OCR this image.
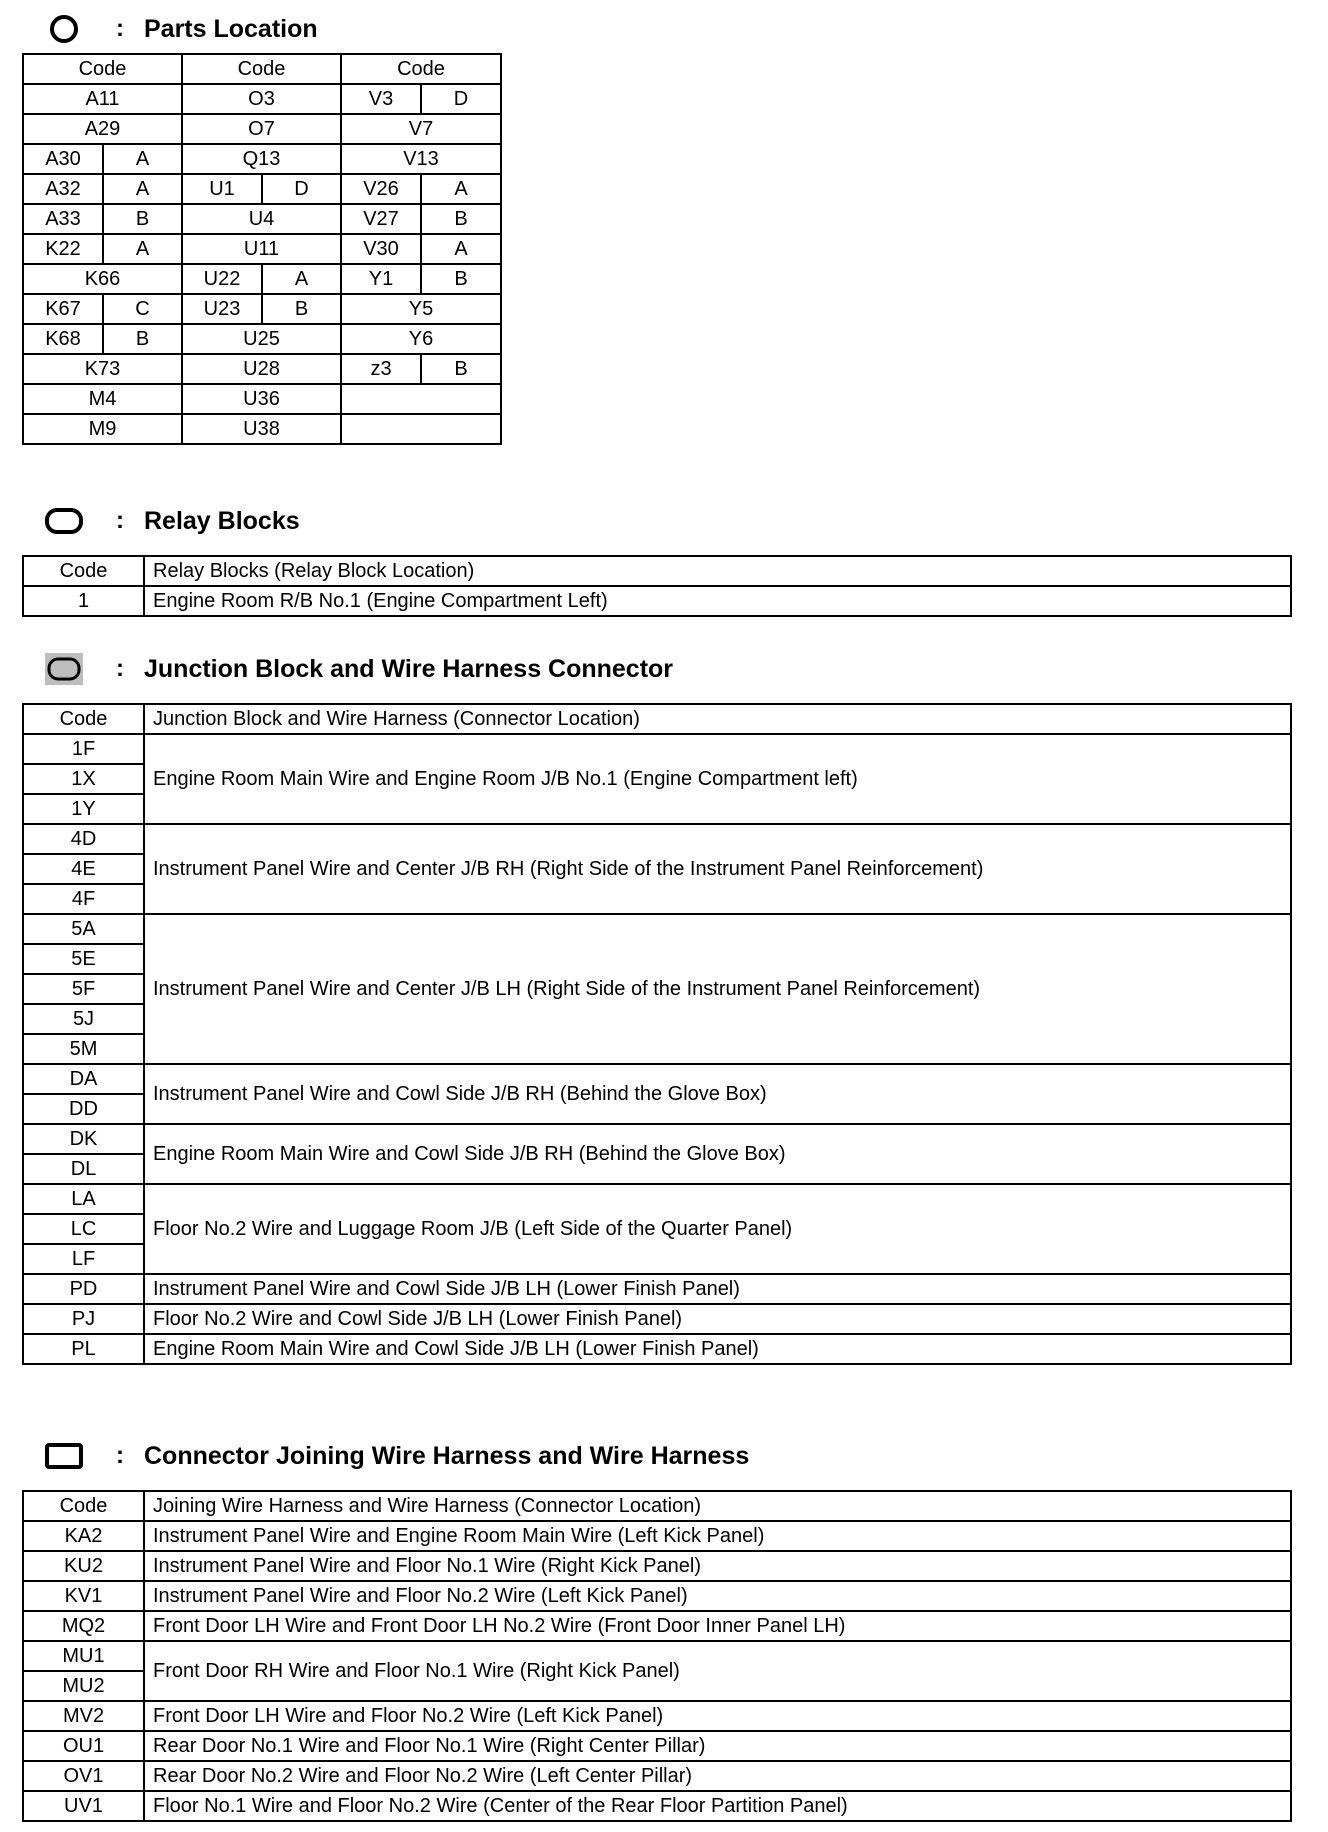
: Parts Location
Code		Code		Code	
A11		O3		V3	D
A29		O7		V7	
A30	A	Q13		V13	
A32	A	U1	D	V26	A
A33	B	U4		V27	B
K22	A	U11		V30	A
K66		U22	A	Y1	B
K67	C	U23	B	Y5	
K68	B	U25		Y6	
K73		U28		z3	B
M4		U36			
M9		U38			
: Relay Blocks
Code	Relay Blocks (Relay Block Location)
1	Engine Room R/B No.1 (Engine Compartment Left)
: Junction Block and Wire Harness Connector
Code	Junction Block and Wire Harness (Connector Location)
1F	Engine Room Main Wire and Engine Room J/B No.1 (Engine Compartment left)
1X	
1Y	
4D	Instrument Panel Wire and Center J/B RH (Right Side of the Instrument Panel Reinforcement)
4E	
4F	
5A	Instrument Panel Wire and Center J/B LH (Right Side of the Instrument Panel Reinforcement)
5E	
5F	
5J	
5M	
DA	Instrument Panel Wire and Cowl Side J/B RH (Behind the Glove Box)
DD	
DK	Engine Room Main Wire and Cowl Side J/B RH (Behind the Glove Box)
DL	
LA	Floor No.2 Wire and Luggage Room J/B (Left Side of the Quarter Panel)
LC	
LF	
PD	Instrument Panel Wire and Cowl Side J/B LH (Lower Finish Panel)
PJ	Floor No.2 Wire and Cowl Side J/B LH (Lower Finish Panel)
PL	Engine Room Main Wire and Cowl Side J/B LH (Lower Finish Panel)
: Connector Joining Wire Harness and Wire Harness
Code	Joining Wire Harness and Wire Harness (Connector Location)
KA2	Instrument Panel Wire and Engine Room Main Wire (Left Kick Panel)
KU2	Instrument Panel Wire and Floor No.1 Wire (Right Kick Panel)
KV1	Instrument Panel Wire and Floor No.2 Wire (Left Kick Panel)
MQ2	Front Door LH Wire and Front Door LH No.2 Wire (Front Door Inner Panel LH)
MU1	Front Door RH Wire and Floor No.1 Wire (Right Kick Panel)
MU2	
MV2	Front Door LH Wire and Floor No.2 Wire (Left Kick Panel)
OU1	Rear Door No.1 Wire and Floor No.1 Wire (Right Center Pillar)
OV1	Rear Door No.2 Wire and Floor No.2 Wire (Left Center Pillar)
UV1	Floor No.1 Wire and Floor No.2 Wire (Center of the Rear Floor Partition Panel)
